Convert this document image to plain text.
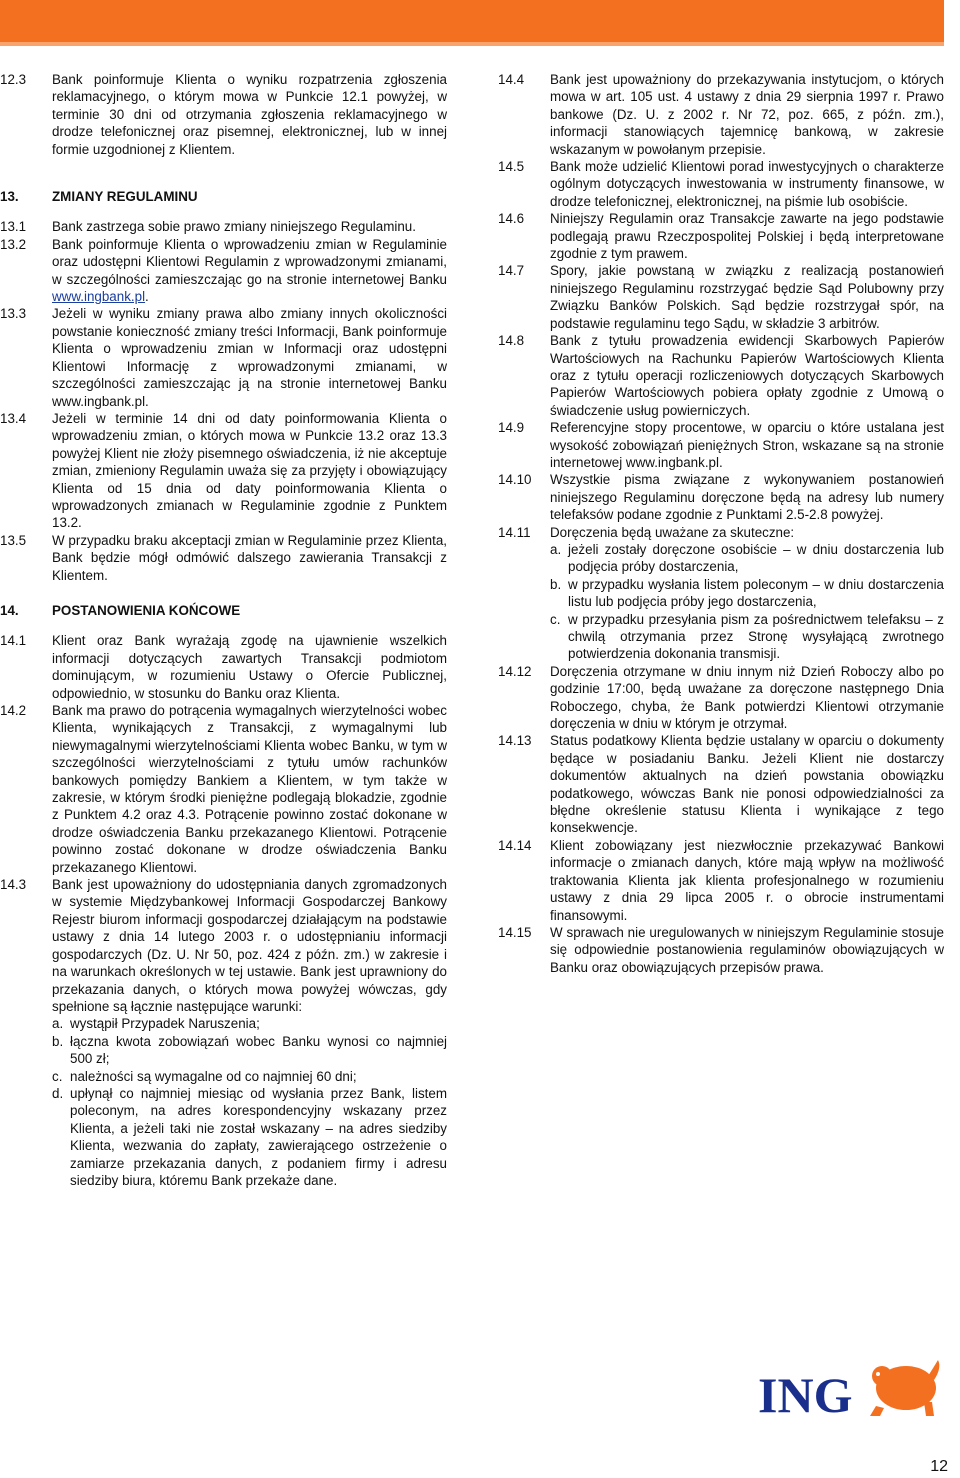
12.3	Bank poinformuje Klienta o wyniku rozpatrzenia zgłoszenia reklamacyjnego, o którym mowa w Punkcie 12.1 powyżej, w terminie 30 dni od otrzymania zgłoszenia reklamacyjnego w drodze telefonicznej oraz pisemnej, elektronicznej, lub w innej formie uzgodnionej z Klientem.
13.	ZMIANY REGULAMINU
13.1	Bank zastrzega sobie prawo zmiany niniejszego Regulaminu.
13.2	Bank poinformuje Klienta o wprowadzeniu zmian w Regulaminie oraz udostępni Klientowi Regulamin z wprowadzonymi zmianami, w szczególności zamieszczając go na stronie internetowej Banku www.ingbank.pl.
13.3	Jeżeli w wyniku zmiany prawa albo zmiany innych okoliczności powstanie konieczność zmiany treści Informacji, Bank poinformuje Klienta o wprowadzeniu zmian w Informacji oraz udostępni Klientowi Informację z wprowadzonymi zmianami, w szczególności zamieszczając ją na stronie internetowej Banku www.ingbank.pl.
13.4	Jeżeli w terminie 14 dni od daty poinformowania Klienta o wprowadzeniu zmian, o których mowa w Punkcie 13.2 oraz 13.3 powyżej Klient nie złoży pisemnego oświadczenia, iż nie akceptuje zmian, zmieniony Regulamin uważa się za przyjęty i obowiązujący Klienta od 15 dnia od daty poinformowania Klienta o wprowadzonych zmianach w Regulaminie zgodnie z Punktem 13.2.
13.5	W przypadku braku akceptacji zmian w Regulaminie przez Klienta, Bank będzie mógł odmówić dalszego zawierania Transakcji z Klientem.
14.	POSTANOWIENIA KOŃCOWE
14.1	Klient oraz Bank wyrażają zgodę na ujawnienie wszelkich informacji dotyczących zawartych Transakcji podmiotom dominującym, w rozumieniu Ustawy o Ofercie Publicznej, odpowiednio, w stosunku do Banku oraz Klienta.
14.2	Bank ma prawo do potrącenia wymagalnych wierzytelności wobec Klienta, wynikających z Transakcji, z wymagalnymi lub niewymagalnymi wierzytelnościami Klienta wobec Banku, w tym w szczególności wierzytelnościami z tytułu umów rachunków bankowych pomiędzy Bankiem a Klientem, w tym także w zakresie, w którym środki pieniężne podlegają blokadzie, zgodnie z Punktem 4.2 oraz 4.3. Potrącenie powinno zostać dokonane w drodze oświadczenia Banku przekazanego Klientowi. Potrącenie powinno zostać dokonane w drodze oświadczenia Banku przekazanego Klientowi.
14.3	Bank jest upoważniony do udostępniania danych zgromadzonych w systemie Międzybankowej Informacji Gospodarczej Bankowy Rejestr biurom informacji gospodarczej działającym na podstawie ustawy z dnia 14 lutego 2003 r. o udostępnianiu informacji gospodarczych (Dz. U. Nr 50, poz. 424 z późn. zm.) w zakresie i na warunkach określonych w tej ustawie. Bank jest uprawniony do przekazania danych, o których mowa powyżej wówczas, gdy spełnione są łącznie następujące warunki:
a. wystąpił Przypadek Naruszenia;
b. łączna kwota zobowiązań wobec Banku wynosi co najmniej 500 zł;
c. należności są wymagalne od co najmniej 60 dni;
d. upłynął co najmniej miesiąc od wysłania przez Bank, listem poleconym, na adres korespondencyjny wskazany przez Klienta, a jeżeli taki nie został wskazany – na adres siedziby Klienta, wezwania do zapłaty, zawierającego ostrzeżenie o zamiarze przekazania danych, z podaniem firmy i adresu siedziby biura, któremu Bank przekaże dane.
14.4	Bank jest upoważniony do przekazywania instytucjom, o których mowa w art. 105 ust. 4 ustawy z dnia 29 sierpnia 1997 r. Prawo bankowe (Dz. U. z 2002 r. Nr 72, poz. 665, z późn. zm.), informacji stanowiących tajemnicę bankową, w zakresie wskazanym w powołanym przepisie.
14.5	Bank może udzielić Klientowi porad inwestycyjnych o charakterze ogólnym dotyczących inwestowania w instrumenty finansowe, w drodze telefonicznej, elektronicznej, na piśmie lub osobiście.
14.6	Niniejszy Regulamin oraz Transakcje zawarte na jego podstawie podlegają prawu Rzeczpospolitej Polskiej i będą interpretowane zgodnie z tym prawem.
14.7	Spory, jakie powstaną w związku z realizacją postanowień niniejszego Regulaminu rozstrzygać będzie Sąd Polubowny przy Związku Banków Polskich. Sąd będzie rozstrzygał spór, na podstawie regulaminu tego Sądu, w składzie 3 arbitrów.
14.8	Bank z tytułu prowadzenia ewidencji Skarbowych Papierów Wartościowych na Rachunku Papierów Wartościowych Klienta oraz z tytułu operacji rozliczeniowych dotyczących Skarbowych Papierów Wartościowych pobiera opłaty zgodnie z Umową o świadczenie usług powierniczych.
14.9	Referencyjne stopy procentowe, w oparciu o które ustalana jest wysokość zobowiązań pieniężnych Stron, wskazane są na stronie internetowej www.ingbank.pl.
14.10	Wszystkie pisma związane z wykonywaniem postanowień niniejszego Regulaminu doręczone będą na adresy lub numery telefaksów podane zgodnie z Punktami 2.5-2.8 powyżej.
14.11	Doręczenia będą uważane za skuteczne:
a. jeżeli zostały doręczone osobiście – w dniu dostarczenia lub podjęcia próby dostarczenia,
b. w przypadku wysłania listem poleconym – w dniu dostarczenia listu lub podjęcia próby jego dostarczenia,
c. w przypadku przesyłania pism za pośrednictwem telefaksu – z chwilą otrzymania przez Stronę wysyłającą zwrotnego potwierdzenia dokonania transmisji.
14.12	Doręczenia otrzymane w dniu innym niż Dzień Roboczy albo po godzinie 17:00, będą uważane za doręczone następnego Dnia Roboczego, chyba, że Bank potwierdzi Klientowi otrzymanie doręczenia w dniu w którym je otrzymał.
14.13	Status podatkowy Klienta będzie ustalany w oparciu o dokumenty będące w posiadaniu Banku. Jeżeli Klient nie dostarczy dokumentów aktualnych na dzień powstania obowiązku podatkowego, wówczas Bank nie ponosi odpowiedzialności za błędne określenie statusu Klienta i wynikające z tego konsekwencje.
14.14	Klient zobowiązany jest niezwłocznie przekazywać Bankowi informacje o zmianach danych, które mają wpływ na możliwość traktowania Klienta jak klienta profesjonalnego w rozumieniu ustawy z dnia 29 lipca 2005 r. o obrocie instrumentami finansowymi.
14.15	W sprawach nie uregulowanych w niniejszym Regulaminie stosuje się odpowiednie postanowienia regulaminów obowiązujących w Banku oraz obowiązujących przepisów prawa.
ING
12
